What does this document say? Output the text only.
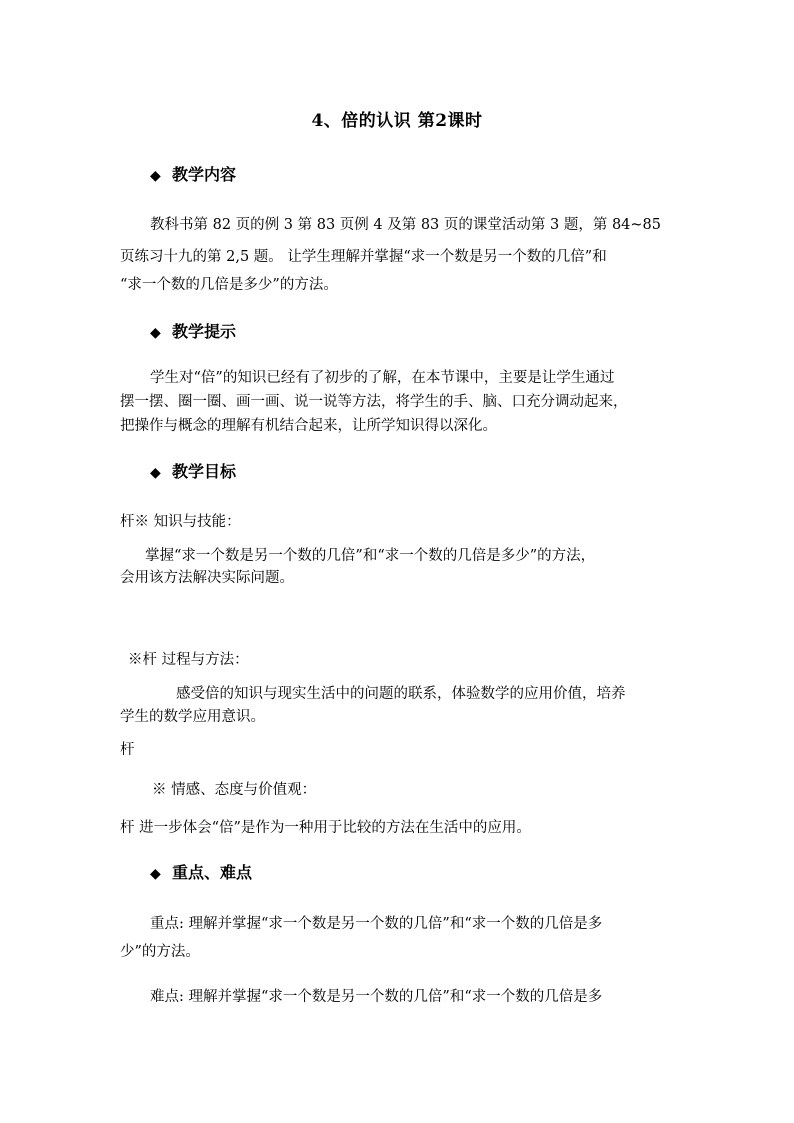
4、倍的认识 第2课时
◆ 教学内容
教科书第 82 页的例 3 第 83 页例 4 及第 83 页的课堂活动第 3 题，第 84~85
页练习十九的第 2,5 题。 让学生理解并掌握“求一个数是另一个数的几倍”和
“求一个数的几倍是多少”的方法。
◆ 教学提示
学生对“倍”的知识已经有了初步的了解，在本节课中，主要是让学生通过
摆一摆、圈一圈、画一画、说一说等方法，将学生的手、脑、口充分调动起来，
把操作与概念的理解有机结合起来，让所学知识得以深化。
◆ 教学目标
杆※ 知识与技能：
掌握“求一个数是另一个数的几倍”和“求一个数的几倍是多少”的方法，
会用该方法解决实际问题。
※杆 过程与方法：
感受倍的知识与现实生活中的问题的联系，体验数学的应用价值，培养
学生的数学应用意识。
杆
※ 情感、态度与价值观：
杆 进一步体会“倍”是作为一种用于比较的方法在生活中的应用。
◆ 重点、难点
重点: 理解并掌握“求一个数是另一个数的几倍”和“求一个数的几倍是多
少”的方法。
难点: 理解并掌握“求一个数是另一个数的几倍”和“求一个数的几倍是多
